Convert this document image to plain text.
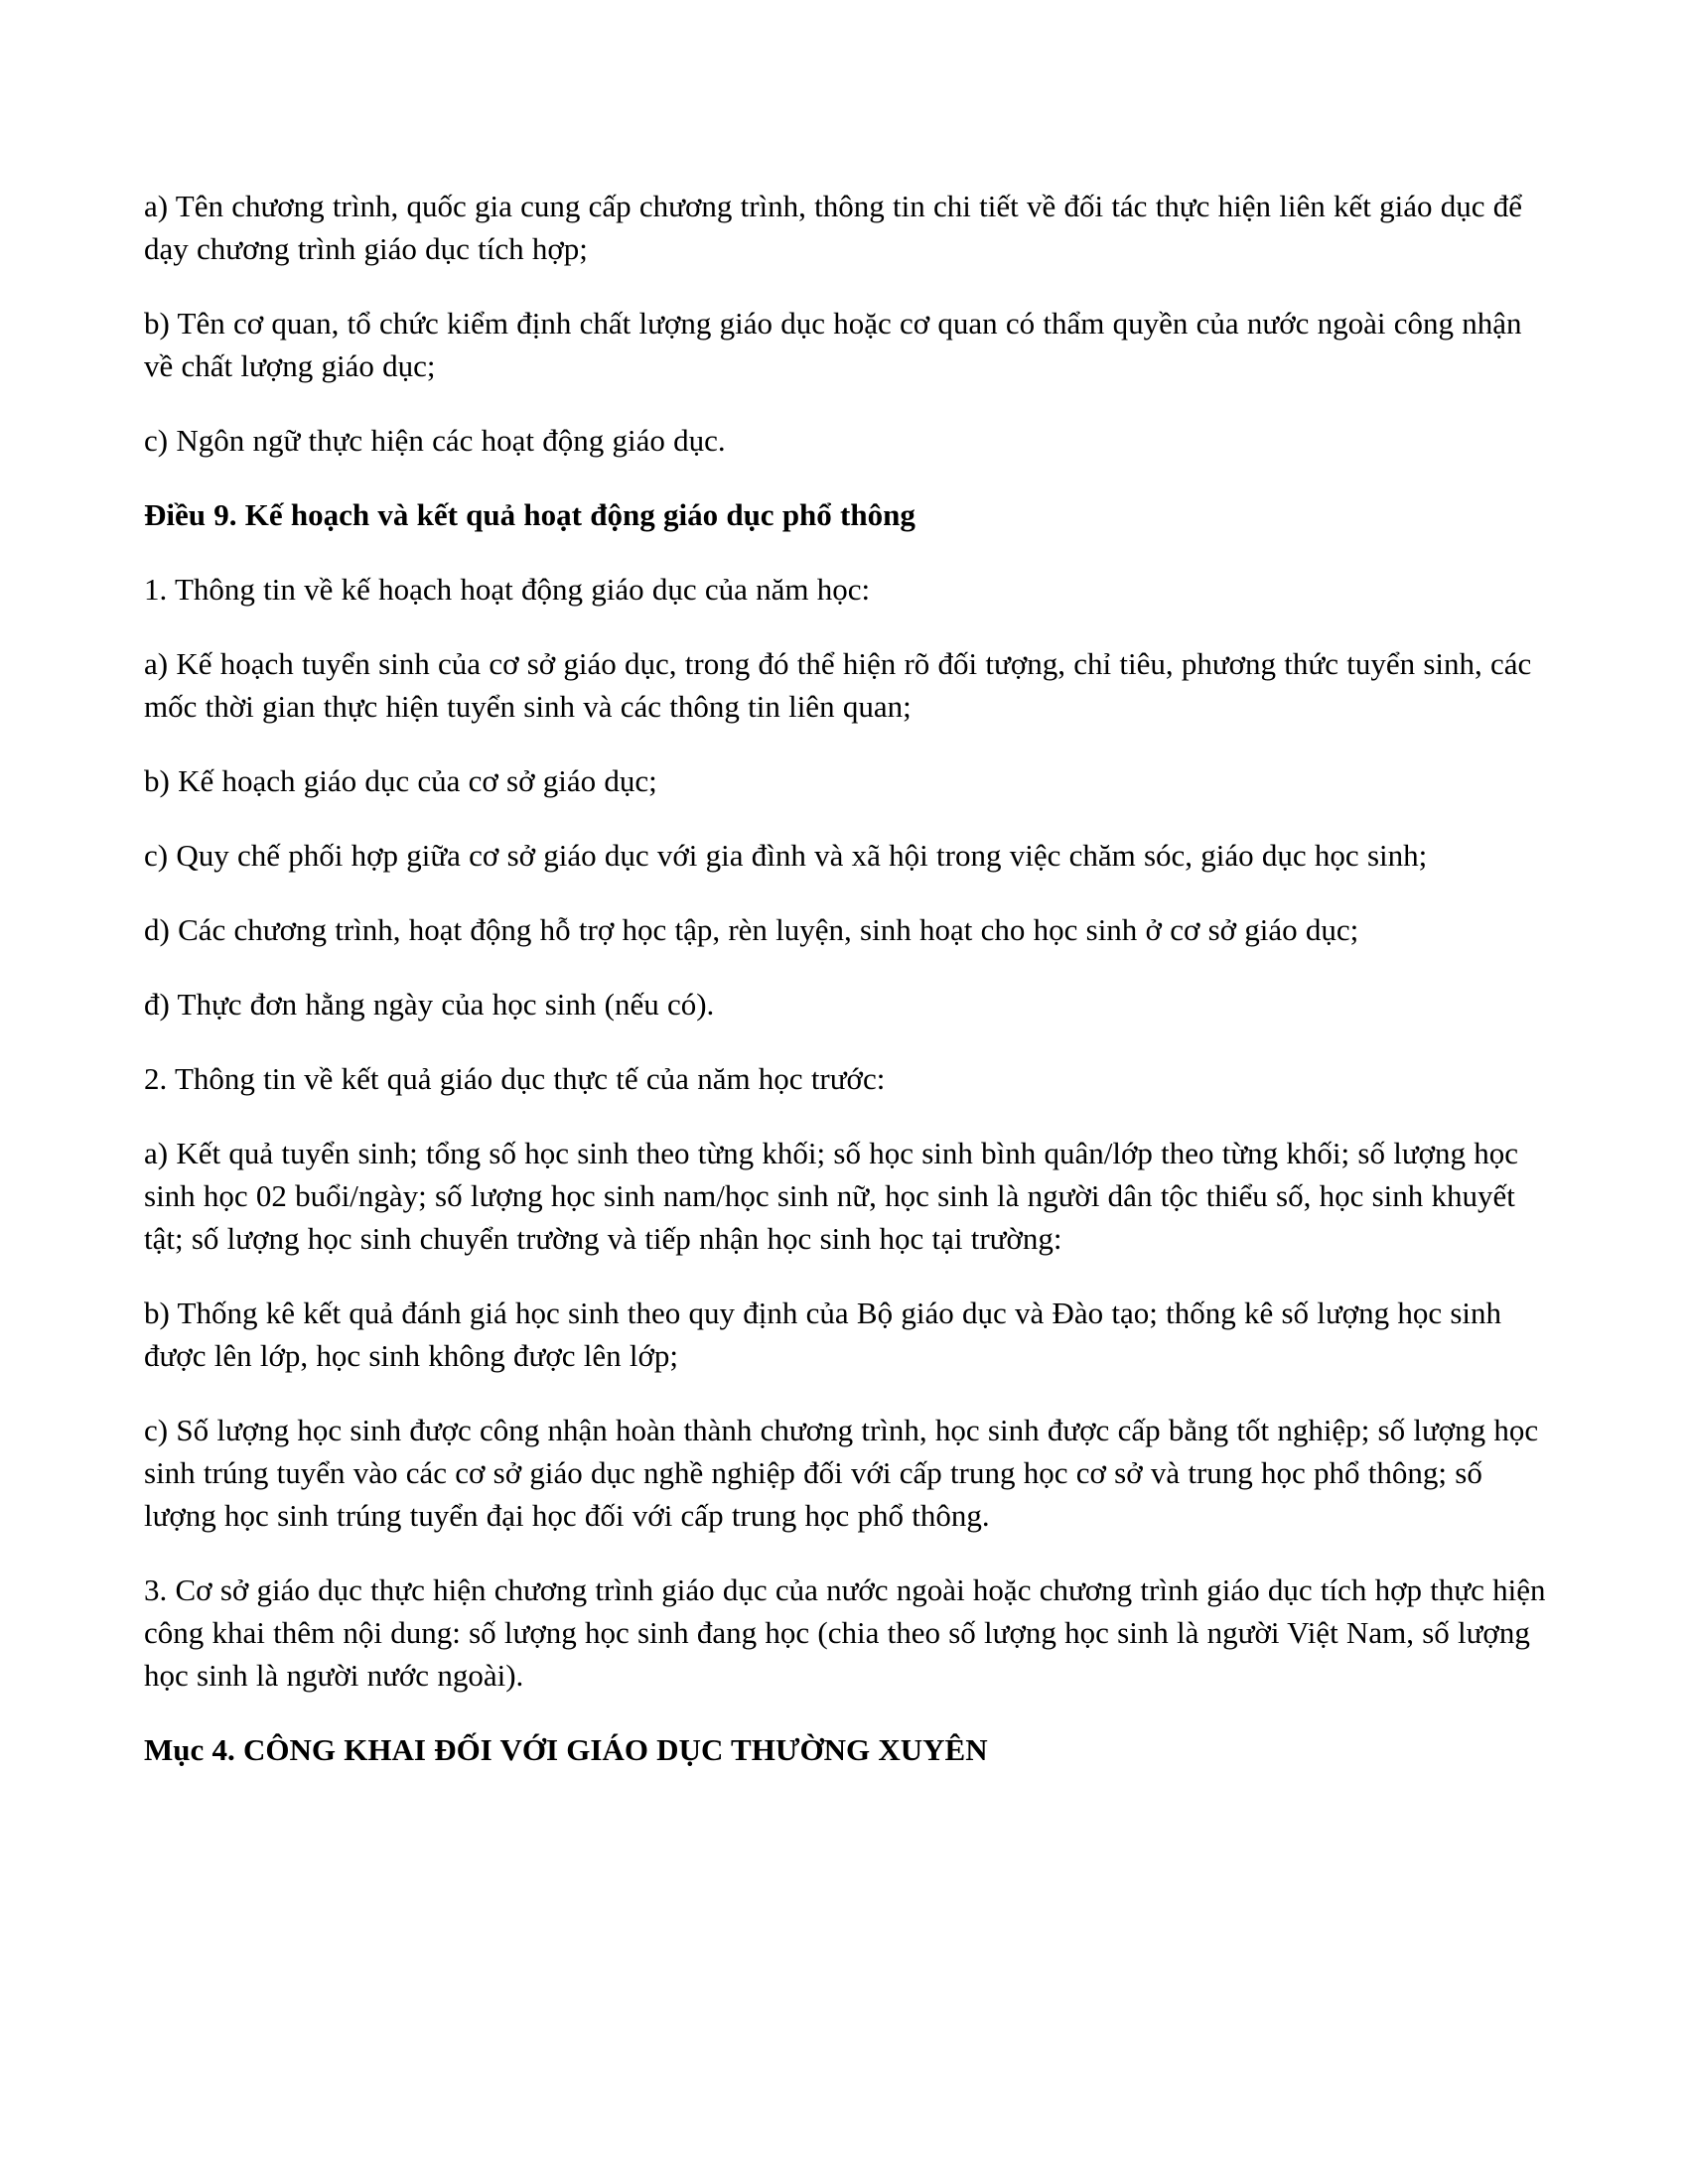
a) Tên chương trình, quốc gia cung cấp chương trình, thông tin chi tiết về đối tác thực hiện liên kết giáo dục để dạy chương trình giáo dục tích hợp;

b) Tên cơ quan, tổ chức kiểm định chất lượng giáo dục hoặc cơ quan có thẩm quyền của nước ngoài công nhận về chất lượng giáo dục;

c) Ngôn ngữ thực hiện các hoạt động giáo dục.

Điều 9. Kế hoạch và kết quả hoạt động giáo dục phổ thông

1. Thông tin về kế hoạch hoạt động giáo dục của năm học:

a) Kế hoạch tuyển sinh của cơ sở giáo dục, trong đó thể hiện rõ đối tượng, chỉ tiêu, phương thức tuyển sinh, các mốc thời gian thực hiện tuyển sinh và các thông tin liên quan;

b) Kế hoạch giáo dục của cơ sở giáo dục;

c) Quy chế phối hợp giữa cơ sở giáo dục với gia đình và xã hội trong việc chăm sóc, giáo dục học sinh;

d) Các chương trình, hoạt động hỗ trợ học tập, rèn luyện, sinh hoạt cho học sinh ở cơ sở giáo dục;

đ) Thực đơn hằng ngày của học sinh (nếu có).

2. Thông tin về kết quả giáo dục thực tế của năm học trước:

a) Kết quả tuyển sinh; tổng số học sinh theo từng khối; số học sinh bình quân/lớp theo từng khối; số lượng học sinh học 02 buổi/ngày; số lượng học sinh nam/học sinh nữ, học sinh là người dân tộc thiểu số, học sinh khuyết tật; số lượng học sinh chuyển trường và tiếp nhận học sinh học tại trường:

b) Thống kê kết quả đánh giá học sinh theo quy định của Bộ giáo dục và Đào tạo; thống kê số lượng học sinh được lên lớp, học sinh không được lên lớp;

c) Số lượng học sinh được công nhận hoàn thành chương trình, học sinh được cấp bằng tốt nghiệp; số lượng học sinh trúng tuyển vào các cơ sở giáo dục nghề nghiệp đối với cấp trung học cơ sở và trung học phổ thông; số lượng học sinh trúng tuyển đại học đối với cấp trung học phổ thông.

3. Cơ sở giáo dục thực hiện chương trình giáo dục của nước ngoài hoặc chương trình giáo dục tích hợp thực hiện công khai thêm nội dung: số lượng học sinh đang học (chia theo số lượng học sinh là người Việt Nam, số lượng học sinh là người nước ngoài).

Mục 4. CÔNG KHAI ĐỐI VỚI GIÁO DỤC THƯỜNG XUYÊN
